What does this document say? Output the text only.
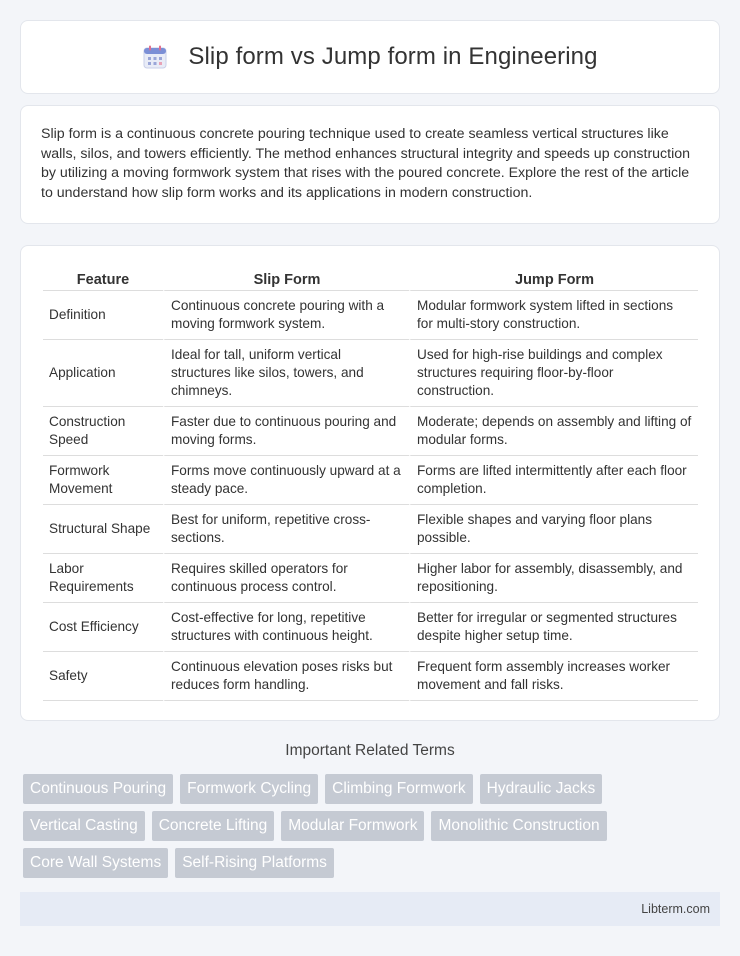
Slip form vs Jump form in Engineering

Slip form is a continuous concrete pouring technique used to create seamless vertical structures like walls, silos, and towers efficiently. The method enhances structural integrity and speeds up construction by utilizing a moving formwork system that rises with the poured concrete. Explore the rest of the article to understand how slip form works and its applications in modern construction.

Feature	Slip Form	Jump Form
Definition	Continuous concrete pouring with a moving formwork system.	Modular formwork system lifted in sections for multi-story construction.
Application	Ideal for tall, uniform vertical structures like silos, towers, and chimneys.	Used for high-rise buildings and complex structures requiring floor-by-floor construction.
Construction Speed	Faster due to continuous pouring and moving forms.	Moderate; depends on assembly and lifting of modular forms.
Formwork Movement	Forms move continuously upward at a steady pace.	Forms are lifted intermittently after each floor completion.
Structural Shape	Best for uniform, repetitive cross-sections.	Flexible shapes and varying floor plans possible.
Labor Requirements	Requires skilled operators for continuous process control.	Higher labor for assembly, disassembly, and repositioning.
Cost Efficiency	Cost-effective for long, repetitive structures with continuous height.	Better for irregular or segmented structures despite higher setup time.
Safety	Continuous elevation poses risks but reduces form handling.	Frequent form assembly increases worker movement and fall risks.
Important Related Terms
Continuous Pouring	Formwork Cycling	Climbing Formwork	Hydraulic Jacks
Vertical Casting	Concrete Lifting	Modular Formwork	Monolithic Construction
Core Wall Systems	Self-Rising Platforms
Libterm.com
